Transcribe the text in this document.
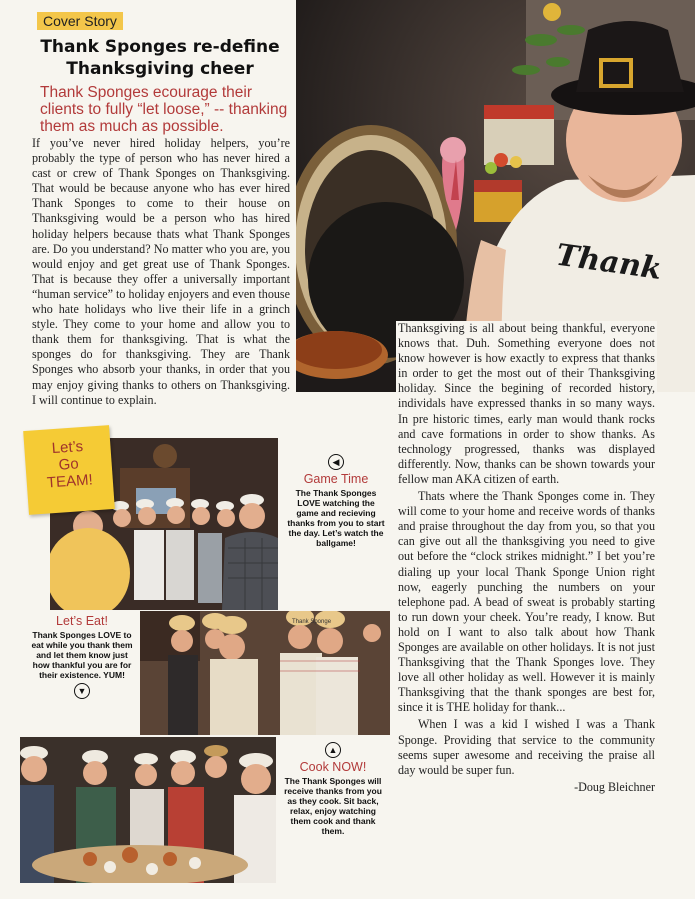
Cover Story
Thank Sponges re-define
Thanksgiving cheer
Thank Sponges ecourage their clients to fully “let loose,” -- thanking them as much as possible.

If you’ve never hired holiday helpers, you’re probably the type of person who has never hired a cast or crew of Thank Sponges on Thanksgiving. That would be because anyone who has ever hired Thank Sponges to come to their house on Thanksgiving would be a person who has hired holiday helpers because thats what Thank Sponges are. Do you understand? No matter who you are, you would enjoy and get great use of Thank Sponges. That is because they offer a universally important “human service” to holiday enjoyers and even thouse who hate holidays who live their life in a grinch style. They come to your home and allow you to thank them for thanksgiving. That is what the sponges do for thanksgiving. They are Thank Sponges who absorb your thanks, in order that you may enjoy giving thanks to others on Thanksgiving. I will continue to explain.

Thank

Thanksgiving is all about being thankful, everyone knows that. Duh. Something everyone does not know however is how exactly to express that thanks in order to get the most out of their Thanksgiving holiday. Since the begining of recorded history, individals have expressed thanks in so many ways. In pre historic times, early man would thank rocks and cave formations in order to show thanks. As technology progressed, thanks was displayed differently. Now, thanks can be shown towards your fellow man AKA citizen of earth.

Thats where the Thank Sponges come in. They will come to your home and receive words of thanks and praise throughout the day from you, so that you can give out all the thanksgiving you need to give out before the “clock strikes midnight.” I bet you’re dialing up your local Thank Sponge Union right now, eagerly punching the numbers on your telephone pad. A bead of sweat is probably starting to run down your cheek. You’re ready, I know. But hold on I want to also talk about how Thank Sponges are available on other holidays. It is not just Thanksgiving that the Thank Sponges love. They love all other holiday as well. However it is mainly Thanksgiving that the thank sponges are best for, since it is THE holiday for thank...

When I was a kid I wished I was a Thank Sponge. Providing that service to the community seems super awesome and receiving the praise all day would be super fun.

-Doug Bleichner
Let’s
Go
TEAM!
◀
Game Time
The Thank Sponges LOVE watching the game and recieving thanks from you to start the day. Let’s watch the ballgame!
Let’s Eat!
Thank Sponges LOVE to eat while you thank them and let them know just how thankful you are for their existence. YUM!
▼
Thank Sponge
▲
Cook NOW!
The Thank Sponges will receive thanks from you as they cook. Sit back, relax, enjoy watching them cook and thank them.
